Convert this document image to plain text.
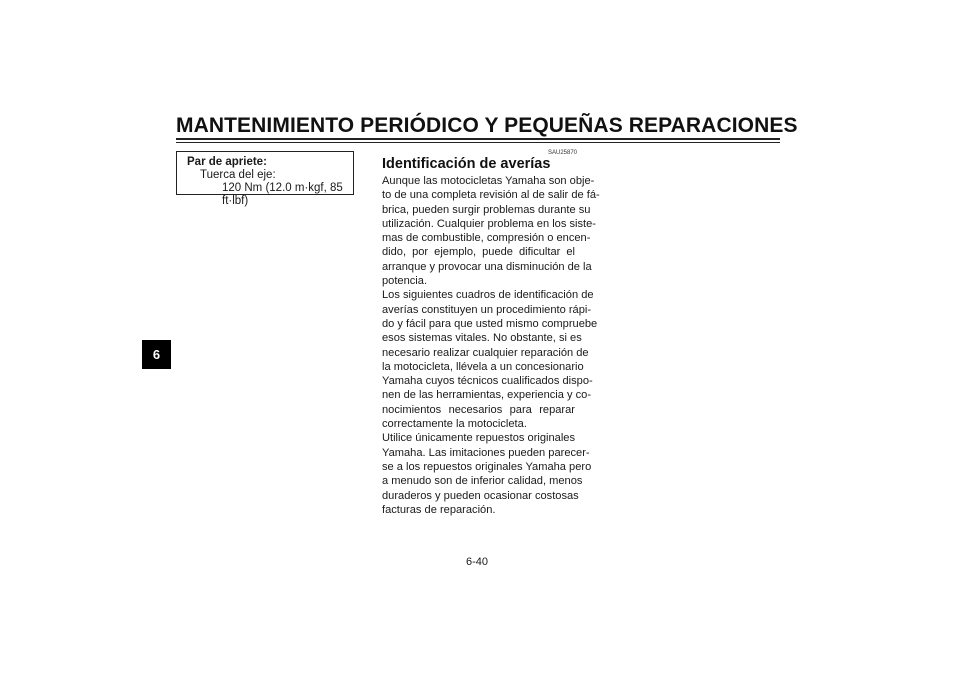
MANTENIMIENTO PERIÓDICO Y PEQUEÑAS REPARACIONES
6
Par de apriete:
Tuerca del eje:
120 Nm (12.0 m·kgf, 85 ft·lbf)
SAU25870
Identificación de averías
Aunque las motocicletas Yamaha son obje-
to de una completa revisión al de salir de fá-
brica, pueden surgir problemas durante su
utilización. Cualquier problema en los siste-
mas de combustible, compresión o encen-
dido, por ejemplo, puede dificultar el
arranque y provocar una disminución de la
potencia.
Los siguientes cuadros de identificación de
averías constituyen un procedimiento rápi-
do y fácil para que usted mismo compruebe
esos sistemas vitales. No obstante, si es
necesario realizar cualquier reparación de
la motocicleta, llévela a un concesionario
Yamaha cuyos técnicos cualificados dispo-
nen de las herramientas, experiencia y co-
nocimientos necesarios para reparar
correctamente la motocicleta.
Utilice únicamente repuestos originales
Yamaha. Las imitaciones pueden parecer-
se a los repuestos originales Yamaha pero
a menudo son de inferior calidad, menos
duraderos y pueden ocasionar costosas
facturas de reparación.
6-40
